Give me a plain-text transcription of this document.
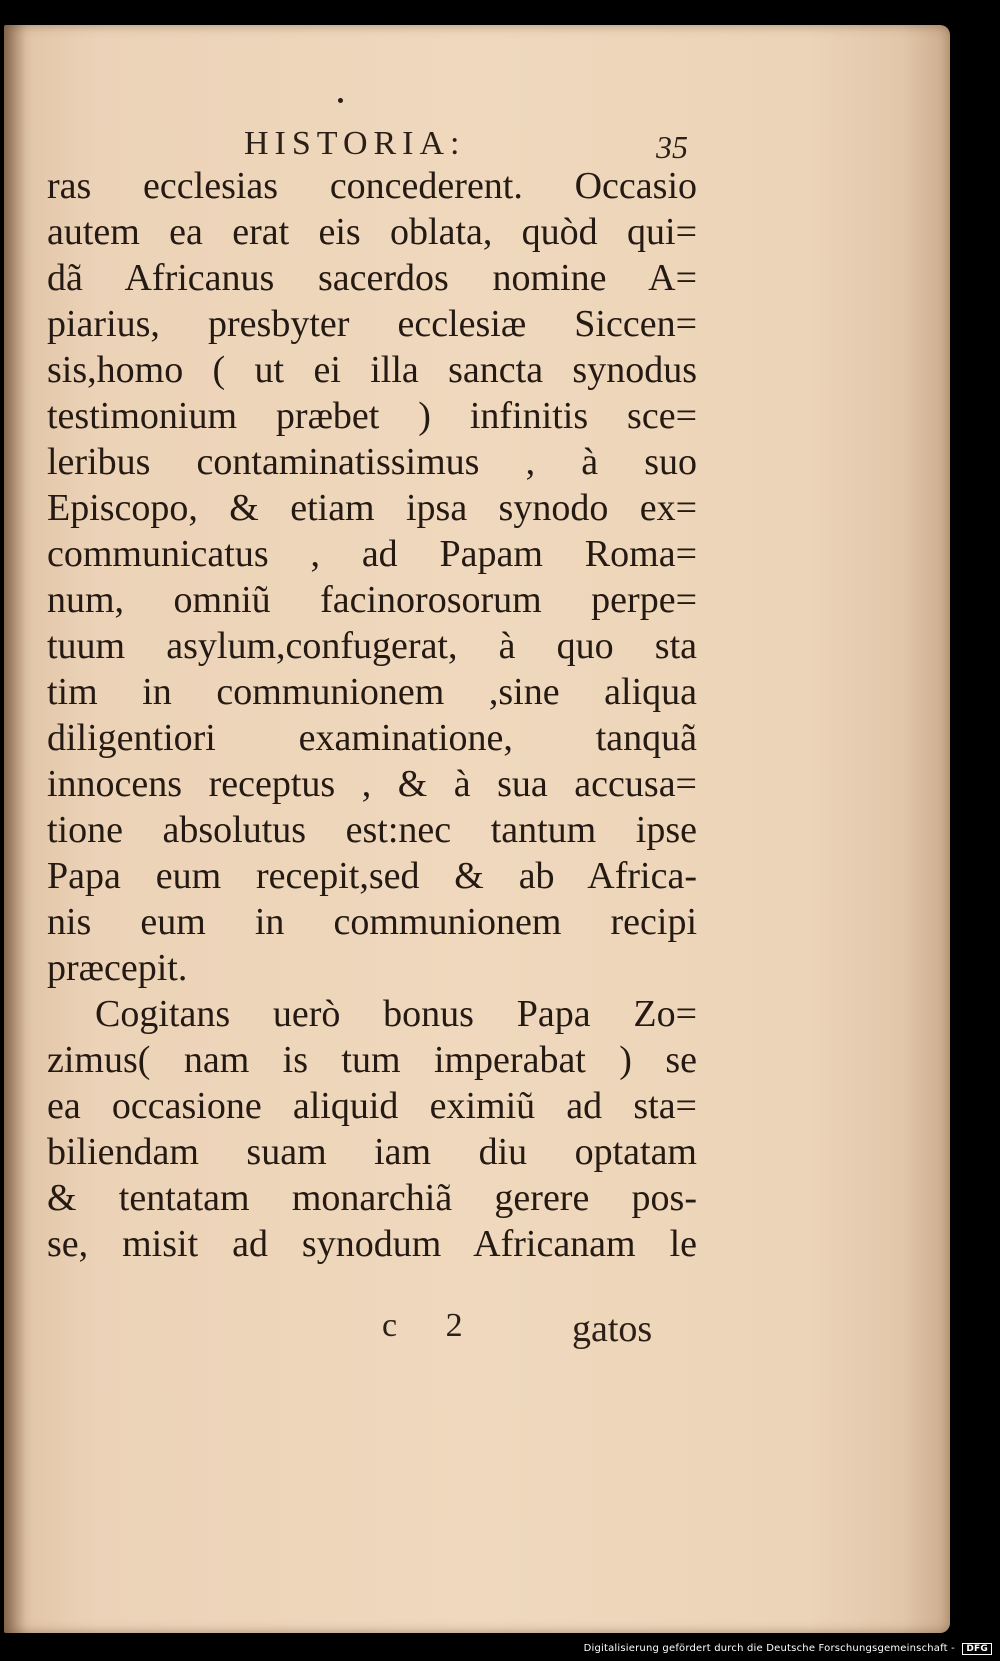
HISTORIA:	35
ras ecclesias concederent. Occasio
autem ea erat eis oblata, quòd qui=
dã Africanus sacerdos nomine A=
piarius, presbyter ecclesiæ Siccen=
sis,homo ( ut ei illa sancta synodus
testimonium præbet ) infinitis sce=
leribus contaminatissimus , à suo
Episcopo, & etiam ipsa synodo ex=
communicatus , ad Papam Roma=
num, omniũ facinorosorum perpe=
tuum asylum,confugerat, à quo sta
tim in communionem ,sine aliqua
diligentiori examinatione, tanquã
innocens receptus , & à sua accusa=
tione absolutus est:nec tantum ipse
Papa eum recepit,sed & ab Africa-
nis eum in communionem recipi
præcepit.
Cogitans uerò bonus Papa Zo=
zimus( nam is tum imperabat ) se
ea occasione aliquid eximiũ ad sta=
biliendam suam iam diu optatam
& tentatam monarchiã gerere pos-
se, misit ad synodum Africanam le
c 2 gatos
Digitalisierung gefördert durch die Deutsche Forschungsgemeinschaft - DFG
